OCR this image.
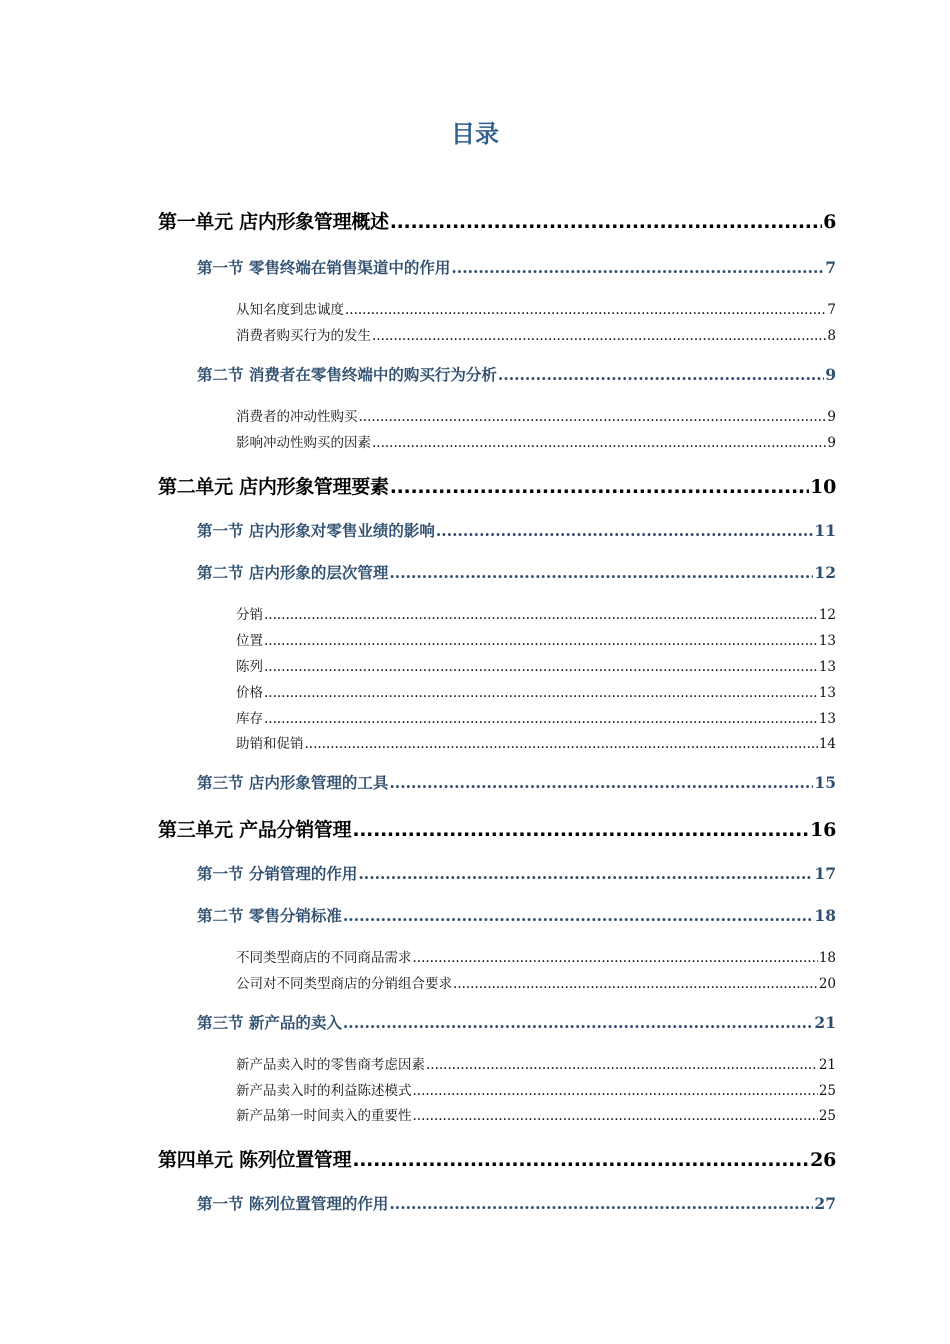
目录
第一单元 店内形象管理概述 .....	6
第一节 零售终端在销售渠道中的作用 .....	7
从知名度到忠诚度 .....	7
消费者购买行为的发生 .....	8
第二节 消费者在零售终端中的购买行为分析 .....	9
消费者的冲动性购买 .....	9
影响冲动性购买的因素 .....	9
第二单元 店内形象管理要素 .....	10
第一节 店内形象对零售业绩的影响 .....	11
第二节 店内形象的层次管理 .....	12
分销 .....	12
位置 .....	13
陈列 .....	13
价格 .....	13
库存 .....	13
助销和促销 .....	14
第三节 店内形象管理的工具 .....	15
第三单元 产品分销管理 .....	16
第一节 分销管理的作用 .....	17
第二节 零售分销标准 .....	18
不同类型商店的不同商品需求 .....	18
公司对不同类型商店的分销组合要求 .....	20
第三节 新产品的卖入 .....	21
新产品卖入时的零售商考虑因素 .....	21
新产品卖入时的利益陈述模式 .....	25
新产品第一时间卖入的重要性 .....	25
第四单元 陈列位置管理 .....	26
第一节 陈列位置管理的作用 .....	27
